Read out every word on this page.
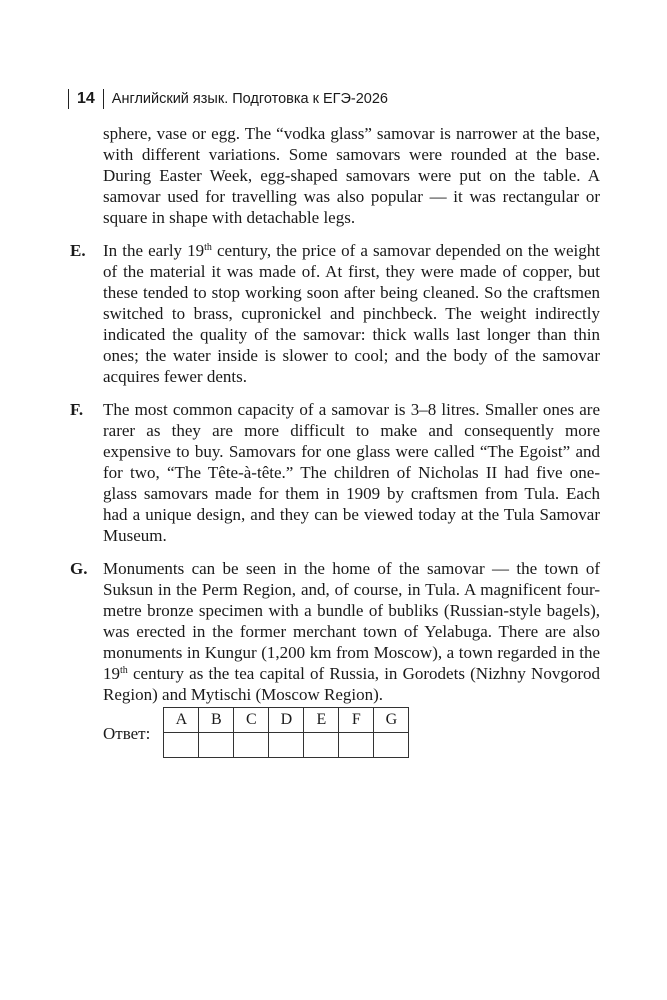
14 Английский язык. Подготовка к ЕГЭ-2026

sphere, vase or egg. The “vodka glass” samovar is narrower at the base, with different variations. Some samovars were rounded at the base. During Easter Week, egg-shaped samovars were put on the table. A samovar used for travelling was also popular — it was rectangular or square in shape with detachable legs.

E.	In the early 19th century, the price of a samovar depended on the weight of the material it was made of. At first, they were made of copper, but these tended to stop working soon after being cleaned. So the craftsmen switched to brass, cupronickel and pinchbeck. The weight indirectly indicated the quality of the samovar: thick walls last longer than thin ones; the water inside is slower to cool; and the body of the samovar acquires fewer dents.

F.	The most common capacity of a samovar is 3–8 litres. Smaller ones are rarer as they are more difficult to make and consequently more expensive to buy. Samovars for one glass were called “The Egoist” and for two, “The Tête-à-tête.” The children of Nicholas II had five one-glass samovars made for them in 1909 by craftsmen from Tula. Each had a unique design, and they can be viewed today at the Tula Samovar Museum.

G. Monuments can be seen in the home of the samovar — the town of Suksun in the Perm Region, and, of course, in Tula. A magnificent four-metre bronze specimen with a bundle of bubliks (Russian-style bagels), was erected in the former merchant town of Yelabuga. There are also monuments in Kungur (1,200 km from Moscow), a town regarded in the 19th century as the tea capital of Russia, in Gorodets (Nizhny Novgorod Region) and Mytischi (Moscow Region).

Ответ:
A	B	C	D	E	F	G
